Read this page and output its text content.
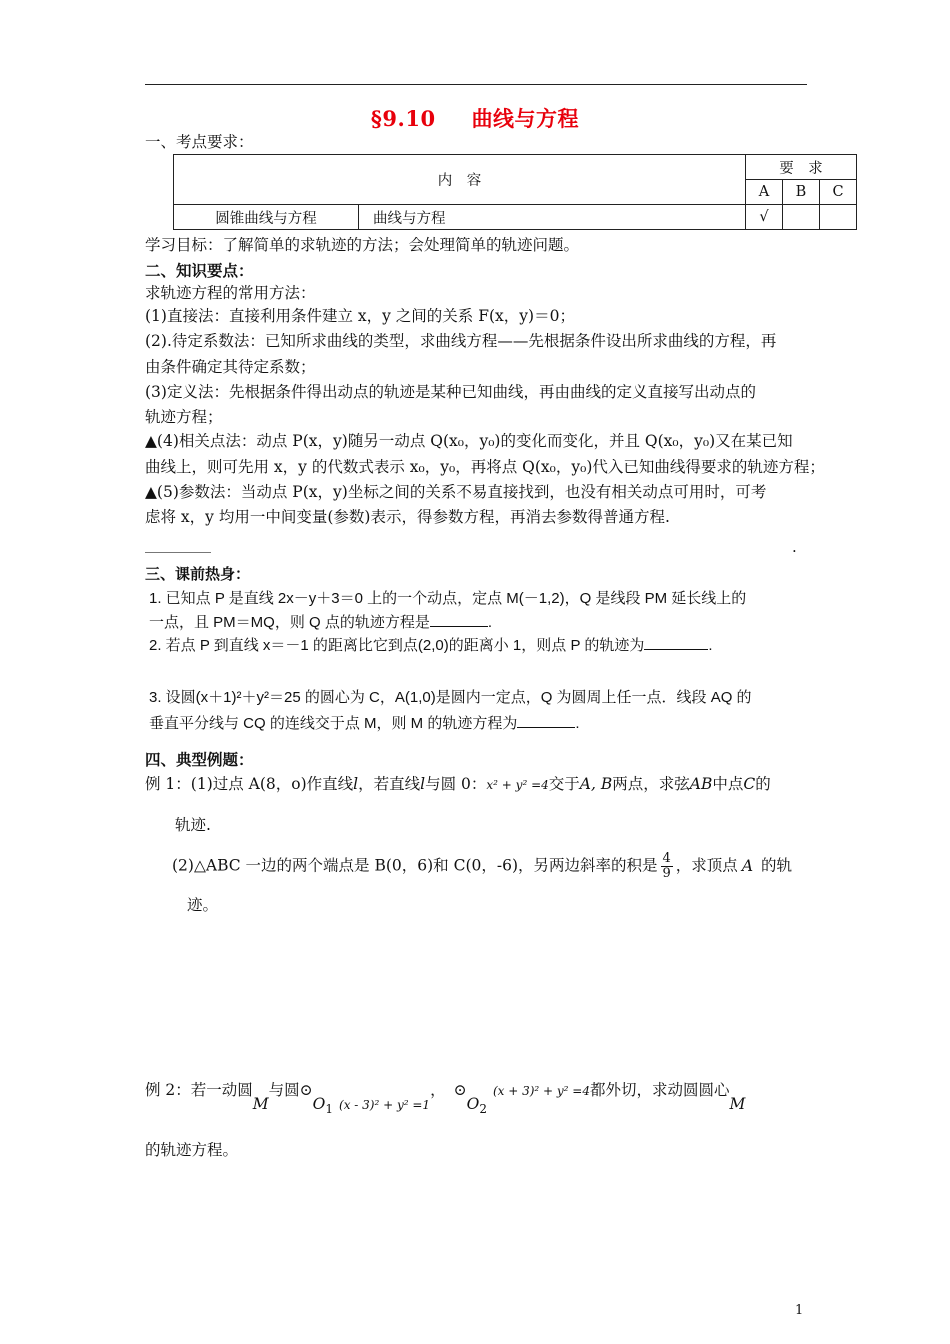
§9.10 曲线与方程
一、考点要求：
内　容		要　求		
		A	B	C
圆锥曲线与方程	曲线与方程	√		
学习目标：了解简单的求轨迹的方法；会处理简单的轨迹问题。
二、知识要点：
求轨迹方程的常用方法：
(1)直接法：直接利用条件建立 x，y 之间的关系 F(x，y)＝0；
(2).待定系数法：已知所求曲线的类型，求曲线方程——先根据条件设出所求曲线的方程，再
由条件确定其待定系数；
(3)定义法：先根据条件得出动点的轨迹是某种已知曲线，再由曲线的定义直接写出动点的
轨迹方程；
▲(4)相关点法：动点 P(x，y)随另一动点 Q(x₀，y₀)的变化而变化，并且 Q(x₀，y₀)又在某已知
曲线上，则可先用 x，y 的代数式表示 x₀，y₀，再将点 Q(x₀，y₀)代入已知曲线得要求的轨迹方程；
▲(5)参数法：当动点 P(x，y)坐标之间的关系不易直接找到，也没有相关动点可用时，可考
虑将 x，y 均用一中间变量(参数)表示，得参数方程，再消去参数得普通方程.
.
三、课前热身：
1. 已知点 P 是直线 2x－y＋3＝0 上的一个动点，定点 M(－1,2)，Q 是线段 PM 延长线上的
一点，且 PM＝MQ，则 Q 点的轨迹方程是	.
2. 若点 P 到直线 x＝－1 的距离比它到点(2,0)的距离小 1，则点 P 的轨迹为	.
3. 设圆(x＋1)²＋y²＝25 的圆心为 C，A(1,0)是圆内一定点，Q 为圆周上任一点．线段 AQ 的
垂直平分线与 CQ 的连线交于点 M，则 M 的轨迹方程为	.
四、典型例题：
例 1：(1)过点 A(8，o)作直线l，若直线l与圆 0：x² + y² =4交于A, B两点，求弦AB中点C的
轨迹.
(2)△ABC 一边的两个端点是 B(0，6)和 C(0，-6)，另两边斜率的积是 $\frac{4}{9}$ ，求顶点 A 的轨
迹。
例 2：若一动圆M与圆$⊙O_1$ $_{(x - 3)^2 + y^2 =1}$， $⊙O_2(x + 3)^2 + y^2 =4$都外切，求动圆圆心M
的轨迹方程。
1
